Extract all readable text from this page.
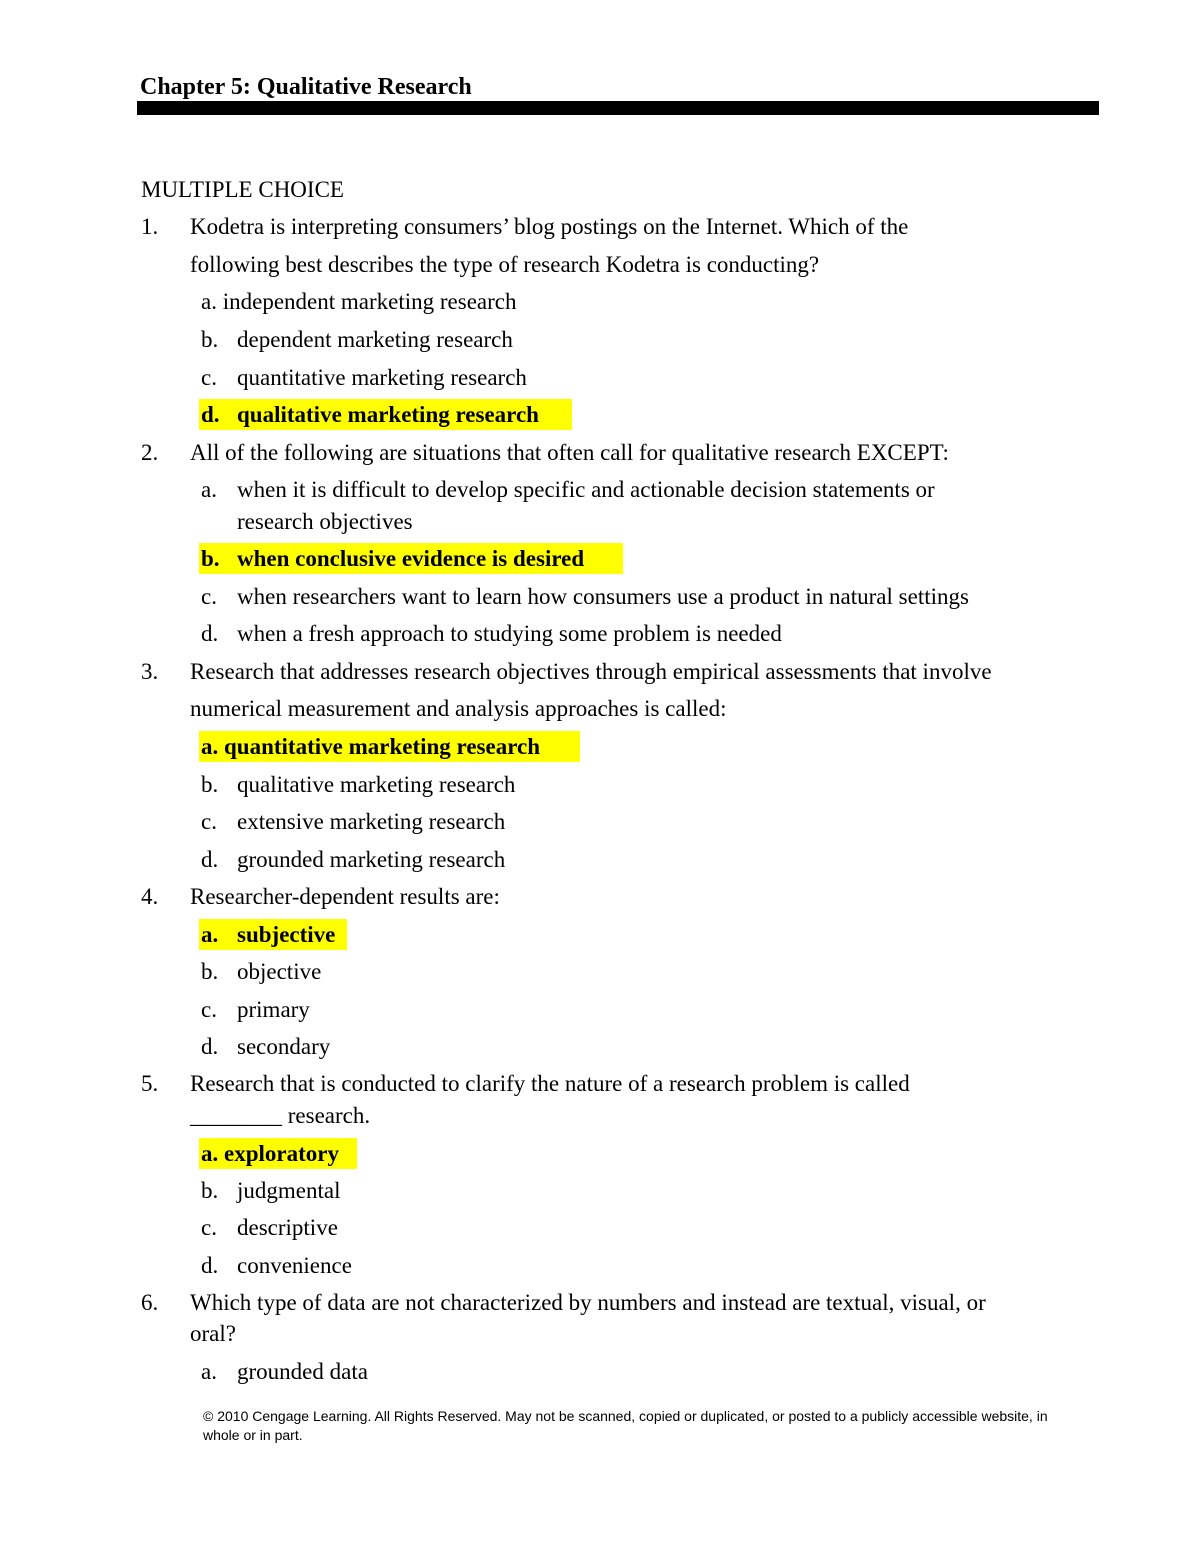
Chapter 5: Qualitative Research
MULTIPLE CHOICE
1. Kodetra is interpreting consumers’ blog postings on the Internet. Which of the
following best describes the type of research Kodetra is conducting?
a. independent marketing research
b. dependent marketing research
c. quantitative marketing research
d. qualitative marketing research
2. All of the following are situations that often call for qualitative research EXCEPT:
a. when it is difficult to develop specific and actionable decision statements or
research objectives
b. when conclusive evidence is desired
c. when researchers want to learn how consumers use a product in natural settings
d. when a fresh approach to studying some problem is needed
3. Research that addresses research objectives through empirical assessments that involve
numerical measurement and analysis approaches is called:
a. quantitative marketing research
b. qualitative marketing research
c. extensive marketing research
d. grounded marketing research
4. Researcher-dependent results are:
a. subjective
b. objective
c. primary
d. secondary
5. Research that is conducted to clarify the nature of a research problem is called
________ research.
a. exploratory
b. judgmental
c. descriptive
d. convenience
6. Which type of data are not characterized by numbers and instead are textual, visual, or
oral?
a. grounded data
© 2010 Cengage Learning. All Rights Reserved. May not be scanned, copied or duplicated, or posted to a publicly accessible website, in whole or in part.
